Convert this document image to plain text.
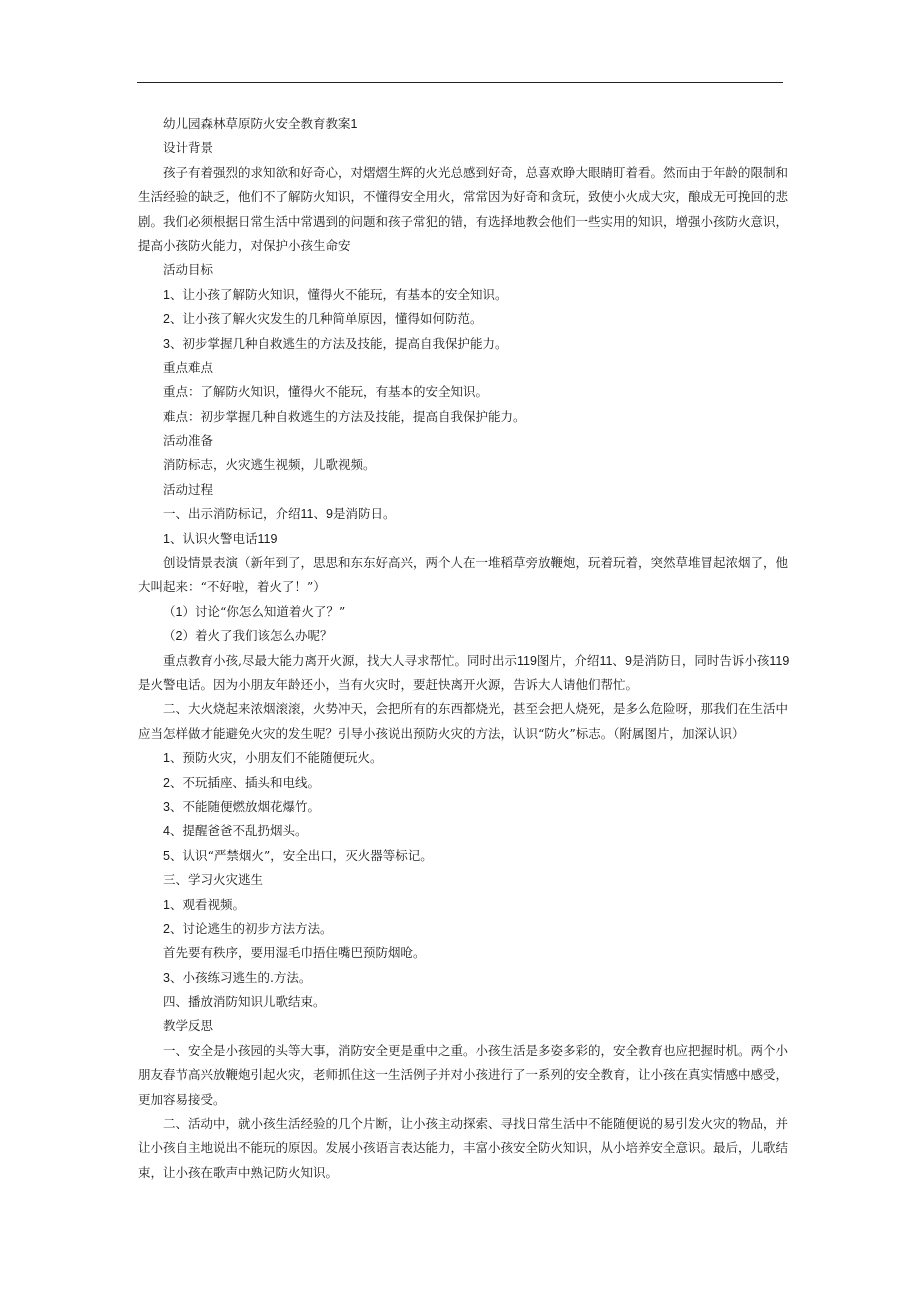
幼儿园森林草原防火安全教育教案1
设计背景
孩子有着强烈的求知欲和好奇心，对熠熠生辉的火光总感到好奇，总喜欢睁大眼睛盯着看。然而由于年龄的限制和
生活经验的缺乏，他们不了解防火知识，不懂得安全用火，常常因为好奇和贪玩，致使小火成大灾，酿成无可挽回的悲
剧。我们必须根据日常生活中常遇到的问题和孩子常犯的错，有选择地教会他们一些实用的知识，增强小孩防火意识，
提高小孩防火能力，对保护小孩生命安
活动目标
1、让小孩了解防火知识，懂得火不能玩，有基本的安全知识。
2、让小孩了解火灾发生的几种简单原因，懂得如何防范。
3、初步掌握几种自救逃生的方法及技能，提高自我保护能力。
重点难点
重点：了解防火知识，懂得火不能玩，有基本的安全知识。
难点：初步掌握几种自救逃生的方法及技能，提高自我保护能力。
活动准备
消防标志，火灾逃生视频，儿歌视频。
活动过程
一、出示消防标记，介绍11、9是消防日。
1、认识火警电话119
创设情景表演（新年到了，思思和东东好高兴，两个人在一堆稻草旁放鞭炮，玩着玩着，突然草堆冒起浓烟了，他
大叫起来：“不好啦，着火了！”）
（1）讨论“你怎么知道着火了？”
（2）着火了我们该怎么办呢？
重点教育小孩,尽最大能力离开火源，找大人寻求帮忙。同时出示119图片，介绍11、9是消防日，同时告诉小孩119
是火警电话。因为小朋友年龄还小，当有火灾时，要赶快离开火源，告诉大人请他们帮忙。
二、大火烧起来浓烟滚滚，火势冲天，会把所有的东西都烧光，甚至会把人烧死，是多么危险呀，那我们在生活中
应当怎样做才能避免火灾的发生呢？引导小孩说出预防火灾的方法，认识“防火”标志。（附属图片，加深认识）
1、预防火灾，小朋友们不能随便玩火。
2、不玩插座、插头和电线。
3、不能随便燃放烟花爆竹。
4、提醒爸爸不乱扔烟头。
5、认识“严禁烟火”，安全出口，灭火器等标记。
三、学习火灾逃生
1、观看视频。
2、讨论逃生的初步方法方法。
首先要有秩序，要用湿毛巾捂住嘴巴预防烟呛。
3、小孩练习逃生的.方法。
四、播放消防知识儿歌结束。
教学反思
一、安全是小孩园的头等大事，消防安全更是重中之重。小孩生活是多姿多彩的，安全教育也应把握时机。两个小
朋友春节高兴放鞭炮引起火灾，老师抓住这一生活例子并对小孩进行了一系列的安全教育，让小孩在真实情感中感受，
更加容易接受。
二、活动中，就小孩生活经验的几个片断，让小孩主动探索、寻找日常生活中不能随便说的易引发火灾的物品，并
让小孩自主地说出不能玩的原因。发展小孩语言表达能力，丰富小孩安全防火知识，从小培养安全意识。最后，儿歌结
束，让小孩在歌声中熟记防火知识。
